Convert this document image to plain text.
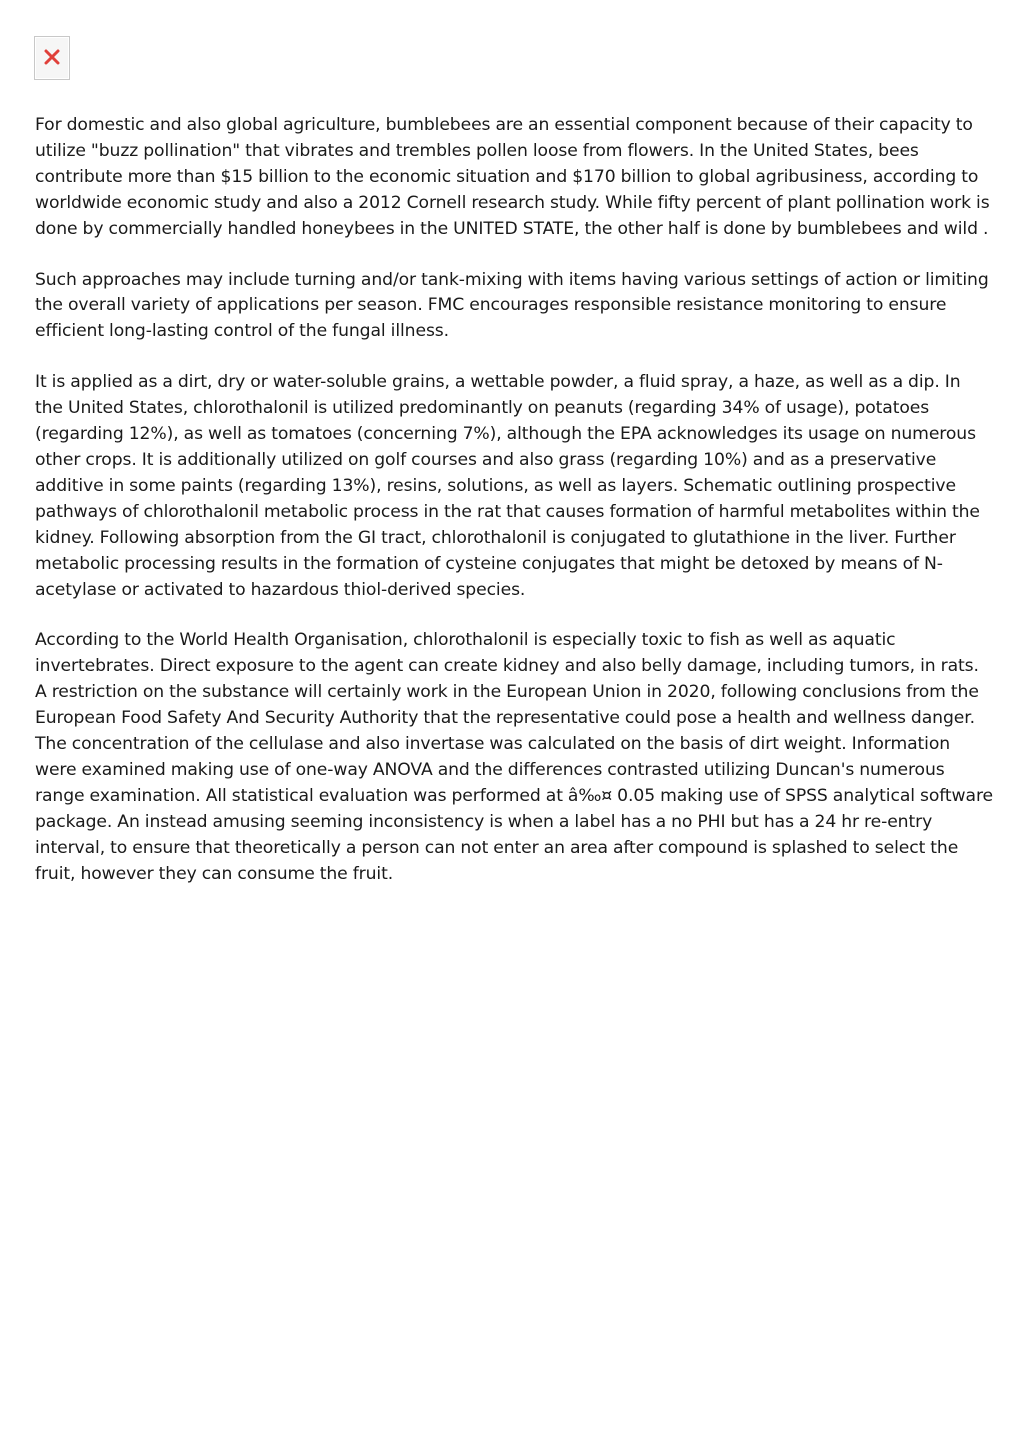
For domestic and also global agriculture, bumblebees are an essential component because of their capacity to utilize "buzz pollination" that vibrates and trembles pollen loose from flowers. In the United States, bees contribute more than $15 billion to the economic situation and $170 billion to global agribusiness, according to worldwide economic study and also a 2012 Cornell research study. While fifty percent of plant pollination work is done by commercially handled honeybees in the UNITED STATE, the other half is done by bumblebees and wild .

Such approaches may include turning and/or tank-mixing with items having various settings of action or limiting the overall variety of applications per season. FMC encourages responsible resistance monitoring to ensure efficient long-lasting control of the fungal illness.

It is applied as a dirt, dry or water-soluble grains, a wettable powder, a fluid spray, a haze, as well as a dip. In the United States, chlorothalonil is utilized predominantly on peanuts (regarding 34% of usage), potatoes (regarding 12%), as well as tomatoes (concerning 7%), although the EPA acknowledges its usage on numerous other crops. It is additionally utilized on golf courses and also grass (regarding 10%) and as a preservative additive in some paints (regarding 13%), resins, solutions, as well as layers. Schematic outlining prospective pathways of chlorothalonil metabolic process in the rat that causes formation of harmful metabolites within the kidney. Following absorption from the GI tract, chlorothalonil is conjugated to glutathione in the liver. Further metabolic processing results in the formation of cysteine conjugates that might be detoxed by means of N-acetylase or activated to hazardous thiol-derived species.

According to the World Health Organisation, chlorothalonil is especially toxic to fish as well as aquatic invertebrates. Direct exposure to the agent can create kidney and also belly damage, including tumors, in rats. A restriction on the substance will certainly work in the European Union in 2020, following conclusions from the European Food Safety And Security Authority that the representative could pose a health and wellness danger. The concentration of the cellulase and also invertase was calculated on the basis of dirt weight. Information were examined making use of one-way ANOVA and the differences contrasted utilizing Duncan's numerous range examination. All statistical evaluation was performed at â‰¤ 0.05 making use of SPSS analytical software package. An instead amusing seeming inconsistency is when a label has a no PHI but has a 24 hr re-entry interval, to ensure that theoretically a person can not enter an area after compound is splashed to select the fruit, however they can consume the fruit.
